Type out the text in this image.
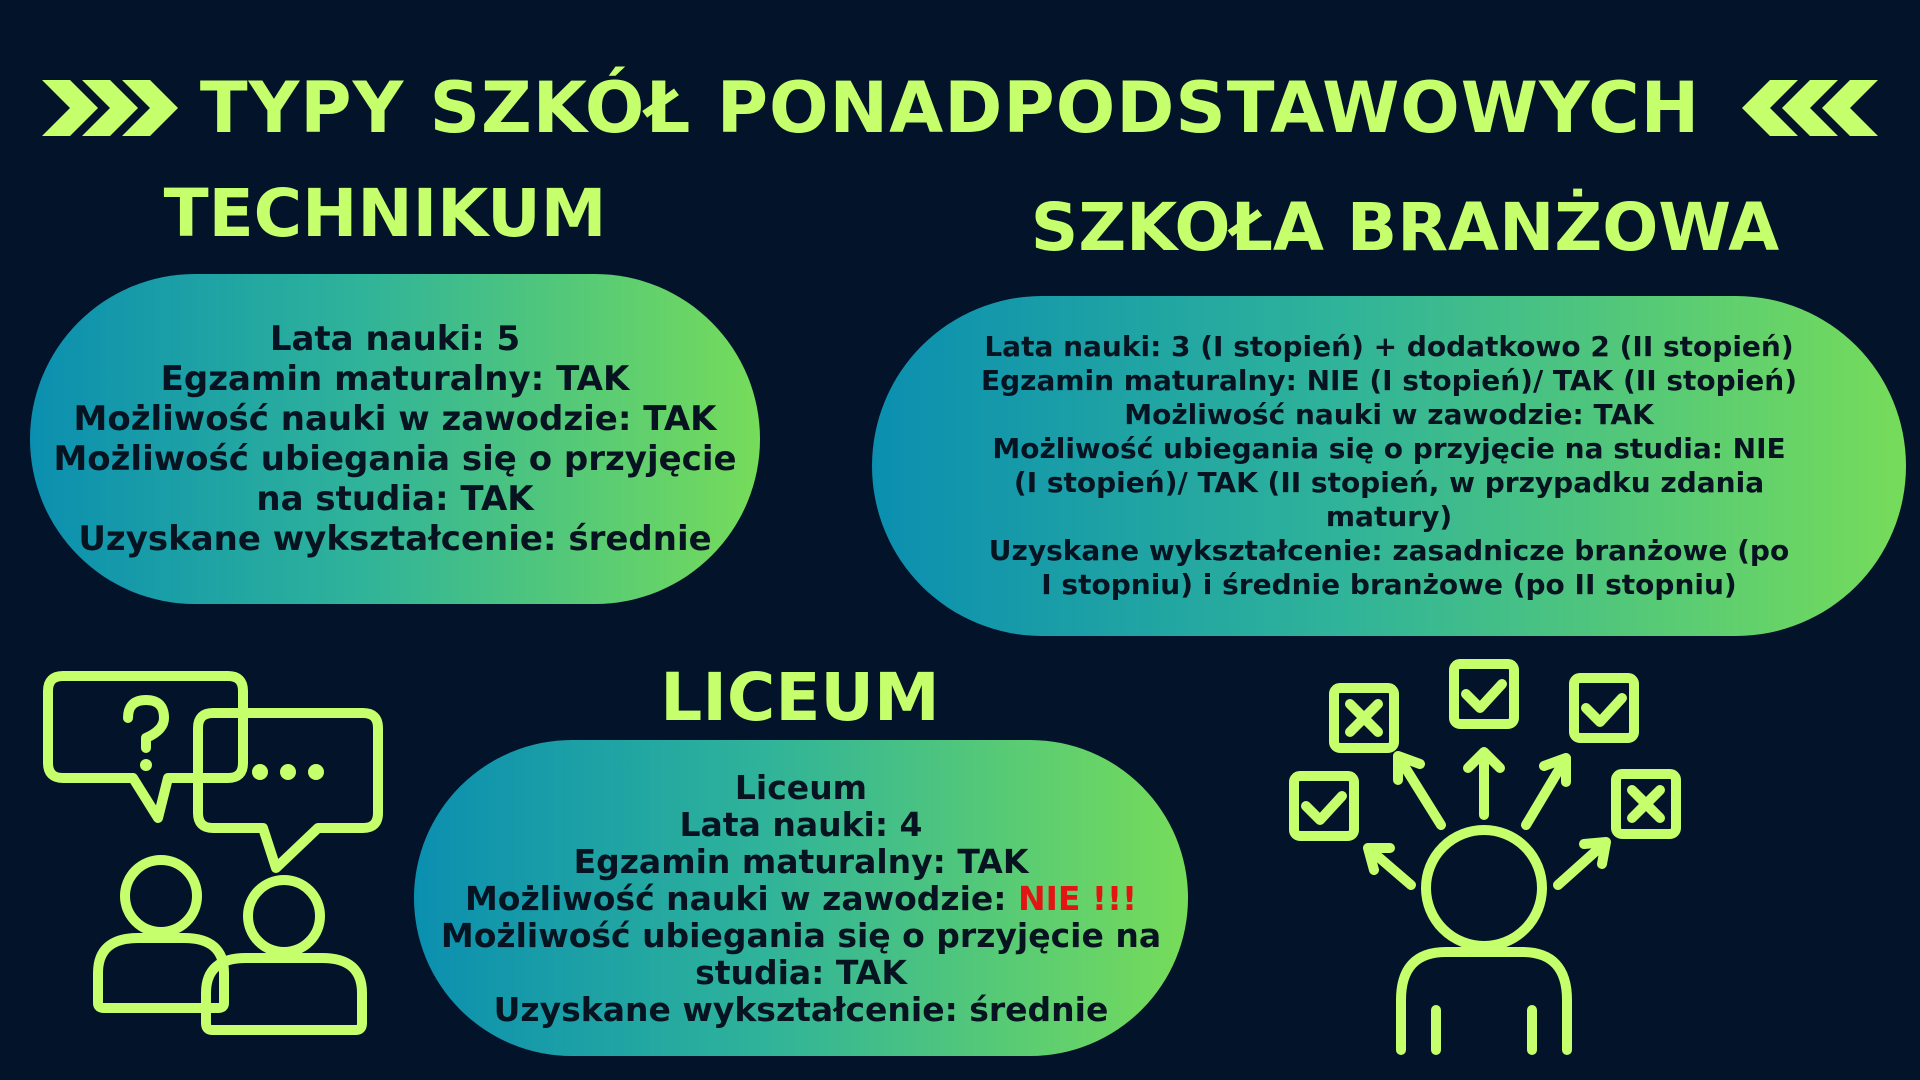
TYPY SZKÓŁ PONADPODSTAWOWYCH
TECHNIKUM
Lata nauki: 5
Egzamin maturalny: TAK
Możliwość nauki w zawodzie: TAK
Możliwość ubiegania się o przyjęcie
na studia: TAK
Uzyskane wykształcenie: średnie
SZKOŁA BRANŻOWA
Lata nauki: 3 (I stopień) + dodatkowo 2 (II stopień)
Egzamin maturalny: NIE (I stopień)/ TAK (II stopień)
Możliwość nauki w zawodzie: TAK
Możliwość ubiegania się o przyjęcie na studia: NIE
(I stopień)/ TAK (II stopień, w przypadku zdania
matury)
Uzyskane wykształcenie: zasadnicze branżowe (po
I stopniu) i średnie branżowe (po II stopniu)
LICEUM
Liceum
Lata nauki: 4
Egzamin maturalny: TAK
Możliwość nauki w zawodzie: NIE !!!
Możliwość ubiegania się o przyjęcie na
studia: TAK
Uzyskane wykształcenie: średnie
